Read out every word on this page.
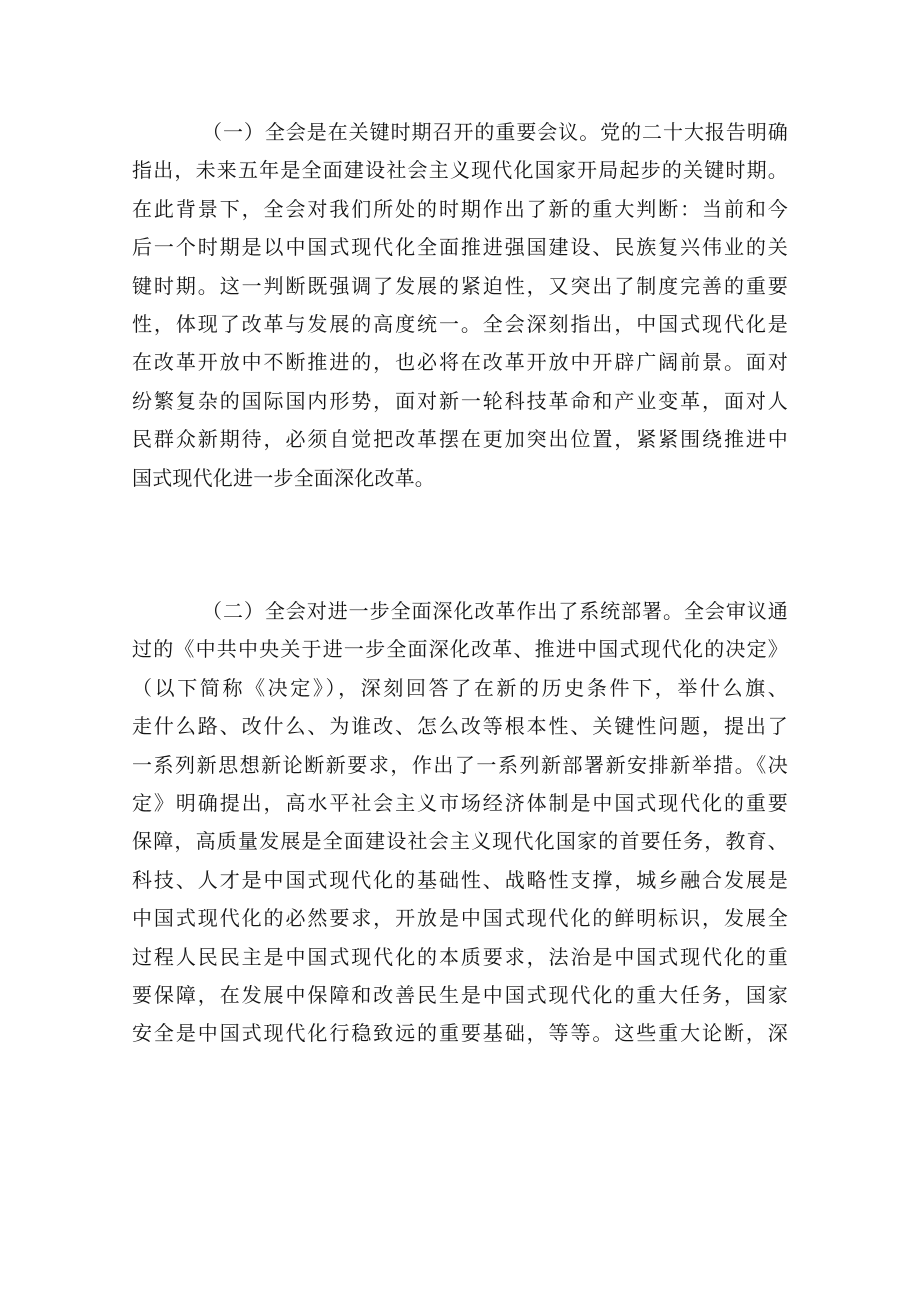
（一）全会是在关键时期召开的重要会议。党的二十大报告明确
指出，未来五年是全面建设社会主义现代化国家开局起步的关键时期。
在此背景下，全会对我们所处的时期作出了新的重大判断：当前和今
后一个时期是以中国式现代化全面推进强国建设、民族复兴伟业的关
键时期。这一判断既强调了发展的紧迫性，又突出了制度完善的重要
性，体现了改革与发展的高度统一。全会深刻指出，中国式现代化是
在改革开放中不断推进的，也必将在改革开放中开辟广阔前景。面对
纷繁复杂的国际国内形势，面对新一轮科技革命和产业变革，面对人
民群众新期待，必须自觉把改革摆在更加突出位置，紧紧围绕推进中
国式现代化进一步全面深化改革。
（二）全会对进一步全面深化改革作出了系统部署。全会审议通
过的《中共中央关于进一步全面深化改革、推进中国式现代化的决定》
（以下简称《决定》），深刻回答了在新的历史条件下，举什么旗、
走什么路、改什么、为谁改、怎么改等根本性、关键性问题，提出了
一系列新思想新论断新要求，作出了一系列新部署新安排新举措。《决
定》明确提出，高水平社会主义市场经济体制是中国式现代化的重要
保障，高质量发展是全面建设社会主义现代化国家的首要任务，教育、
科技、人才是中国式现代化的基础性、战略性支撑，城乡融合发展是
中国式现代化的必然要求，开放是中国式现代化的鲜明标识，发展全
过程人民民主是中国式现代化的本质要求，法治是中国式现代化的重
要保障，在发展中保障和改善民生是中国式现代化的重大任务，国家
安全是中国式现代化行稳致远的重要基础，等等。这些重大论断，深
